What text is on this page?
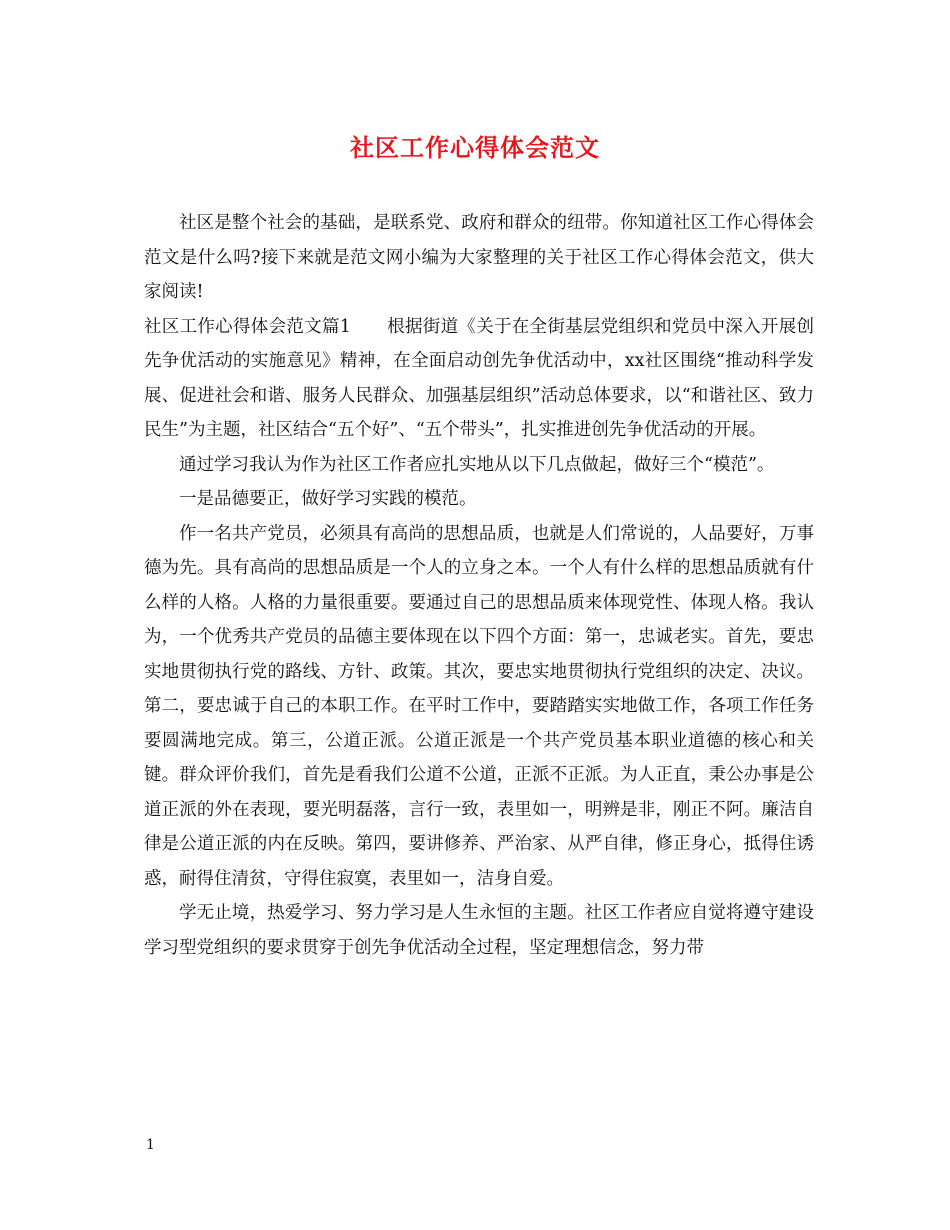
社区工作心得体会范文

社区是整个社会的基础，是联系党、政府和群众的纽带。你知道社区工作心得体会范文是什么吗?接下来就是范文网小编为大家整理的关于社区工作心得体会范文，供大家阅读!

社区工作心得体会范文篇1 根据街道《关于在全街基层党组织和党员中深入开展创先争优活动的实施意见》精神，在全面启动创先争优活动中，xx社区围绕“推动科学发展、促进社会和谐、服务人民群众、加强基层组织”活动总体要求，以“和谐社区、致力民生”为主题，社区结合“五个好”、“五个带头”，扎实推进创先争优活动的开展。

通过学习我认为作为社区工作者应扎实地从以下几点做起，做好三个“模范”。

一是品德要正，做好学习实践的模范。

作一名共产党员，必须具有高尚的思想品质，也就是人们常说的，人品要好，万事德为先。具有高尚的思想品质是一个人的立身之本。一个人有什么样的思想品质就有什么样的人格。人格的力量很重要。要通过自己的思想品质来体现党性、体现人格。我认为，一个优秀共产党员的品德主要体现在以下四个方面：第一，忠诚老实。首先，要忠实地贯彻执行党的路线、方针、政策。其次，要忠实地贯彻执行党组织的决定、决议。 第二，要忠诚于自己的本职工作。在平时工作中，要踏踏实实地做工作，各项工作任务要圆满地完成。第三，公道正派。公道正派是一个共产党员基本职业道德的核心和关键。群众评价我们，首先是看我们公道不公道，正派不正派。为人正直，秉公办事是公道正派的外在表现，要光明磊落，言行一致，表里如一，明辨是非，刚正不阿。廉洁自律是公道正派的内在反映。第四，要讲修养、严治家、从严自律，修正身心，抵得住诱惑，耐得住清贫，守得住寂寞，表里如一，洁身自爱。

学无止境，热爱学习、努力学习是人生永恒的主题。社区工作者应自觉将遵守建设学习型党组织的要求贯穿于创先争优活动全过程，坚定理想信念，努力带

1
